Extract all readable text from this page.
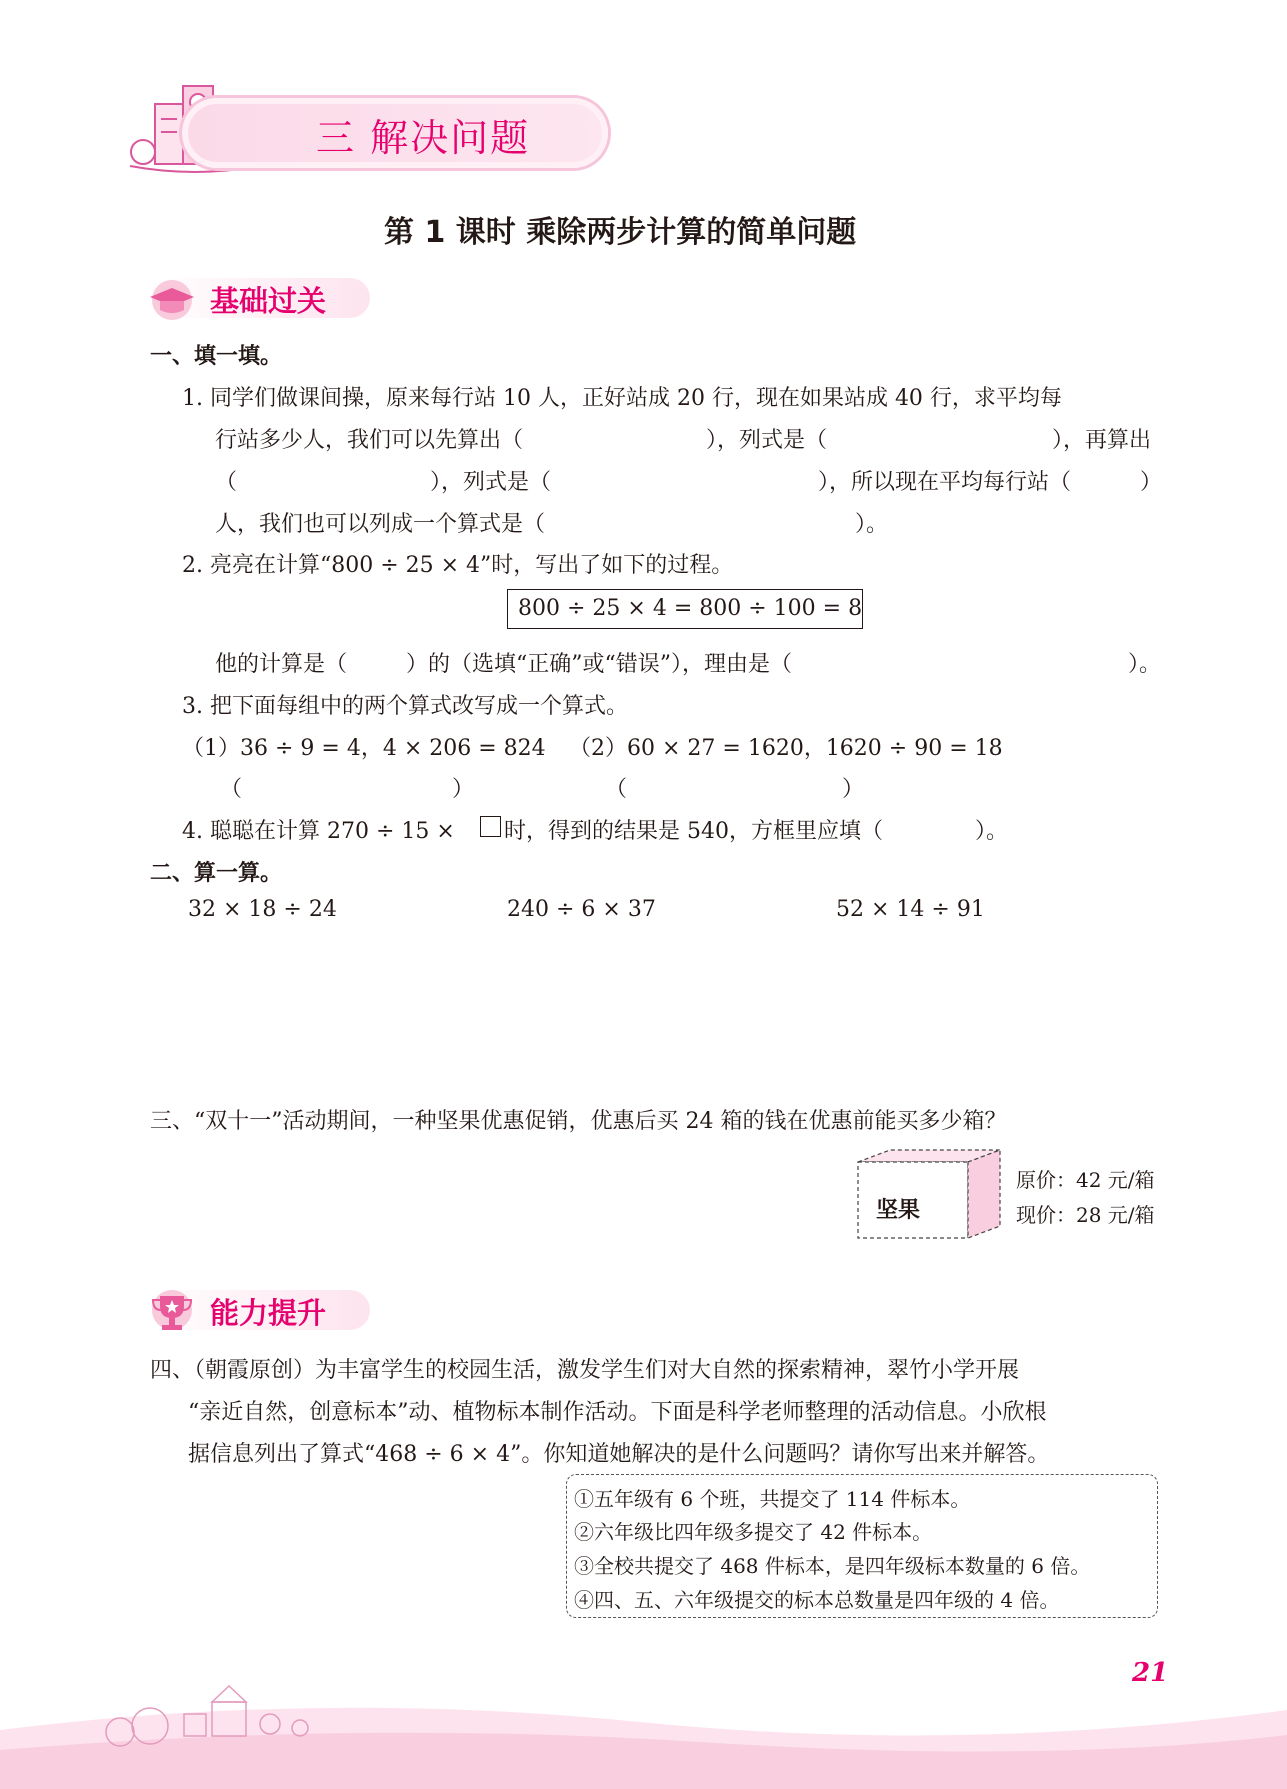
三 解决问题
第 1 课时 乘除两步计算的简单问题
基础过关
一、填一填。
1. 同学们做课间操，原来每行站 10 人，正好站成 20 行，现在如果站成 40 行，求平均每
行站多少人，我们可以先算出（	），列式是（	），再算出
（	），列式是（	），所以现在平均每行站（	）
人，我们也可以列成一个算式是（	）。
2. 亮亮在计算“800 ÷ 25 × 4”时，写出了如下的过程。
800 ÷ 25 × 4 = 800 ÷ 100 = 8
他的计算是（	）的（选填“正确”或“错误”），理由是（	）。
3. 把下面每组中的两个算式改写成一个算式。
（1）36 ÷ 9 = 4，4 × 206 = 824 （2）60 × 27 = 1620，1620 ÷ 90 = 18
（	）	（	）
4. 聪聪在计算 270 ÷ 15 × 时，得到的结果是 540，方框里应填（	）。
二、算一算。
32 × 18 ÷ 24	240 ÷ 6 × 37	52 × 14 ÷ 91
三、“双十一”活动期间，一种坚果优惠促销，优惠后买 24 箱的钱在优惠前能买多少箱？
坚果
原价：42 元/箱
现价：28 元/箱
能力提升
四、（朝霞原创）为丰富学生的校园生活，激发学生们对大自然的探索精神，翠竹小学开展
“亲近自然，创意标本”动、植物标本制作活动。下面是科学老师整理的活动信息。小欣根
据信息列出了算式“468 ÷ 6 × 4”。你知道她解决的是什么问题吗？请你写出来并解答。
①五年级有 6 个班，共提交了 114 件标本。
②六年级比四年级多提交了 42 件标本。
③全校共提交了 468 件标本，是四年级标本数量的 6 倍。
④四、五、六年级提交的标本总数量是四年级的 4 倍。
21
